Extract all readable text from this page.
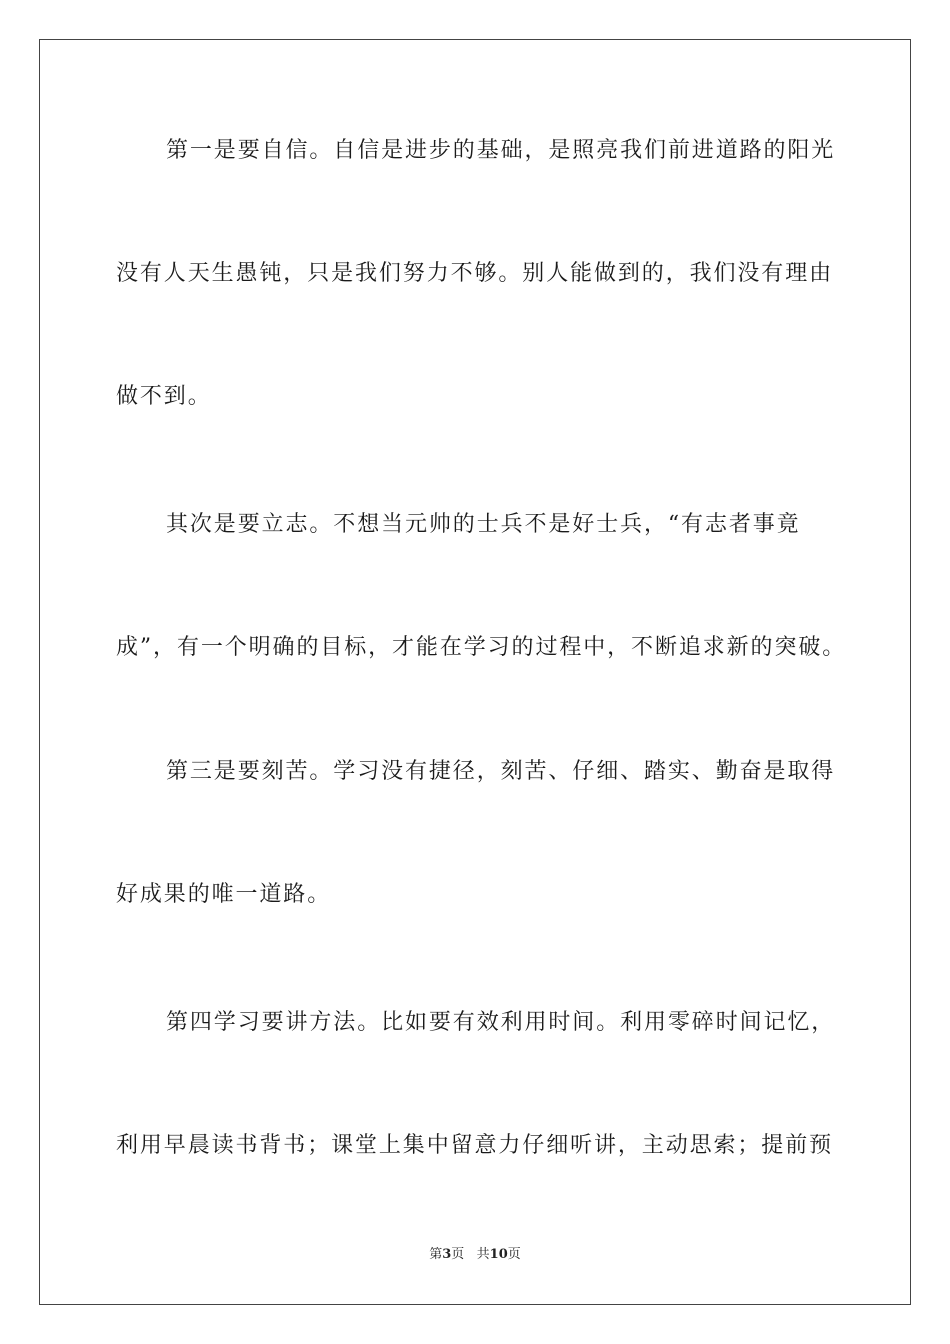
第一是要自信。自信是进步的基础，是照亮我们前进道路的阳光
没有人天生愚钝，只是我们努力不够。别人能做到的，我们没有理由
做不到。
其次是要立志。不想当元帅的士兵不是好士兵，“有志者事竟
成”，有一个明确的目标，才能在学习的过程中，不断追求新的突破。
第三是要刻苦。学习没有捷径，刻苦、仔细、踏实、勤奋是取得
好成果的唯一道路。
第四学习要讲方法。比如要有效利用时间。利用零碎时间记忆，
利用早晨读书背书；课堂上集中留意力仔细听讲，主动思索；提前预
第3页   共10页
